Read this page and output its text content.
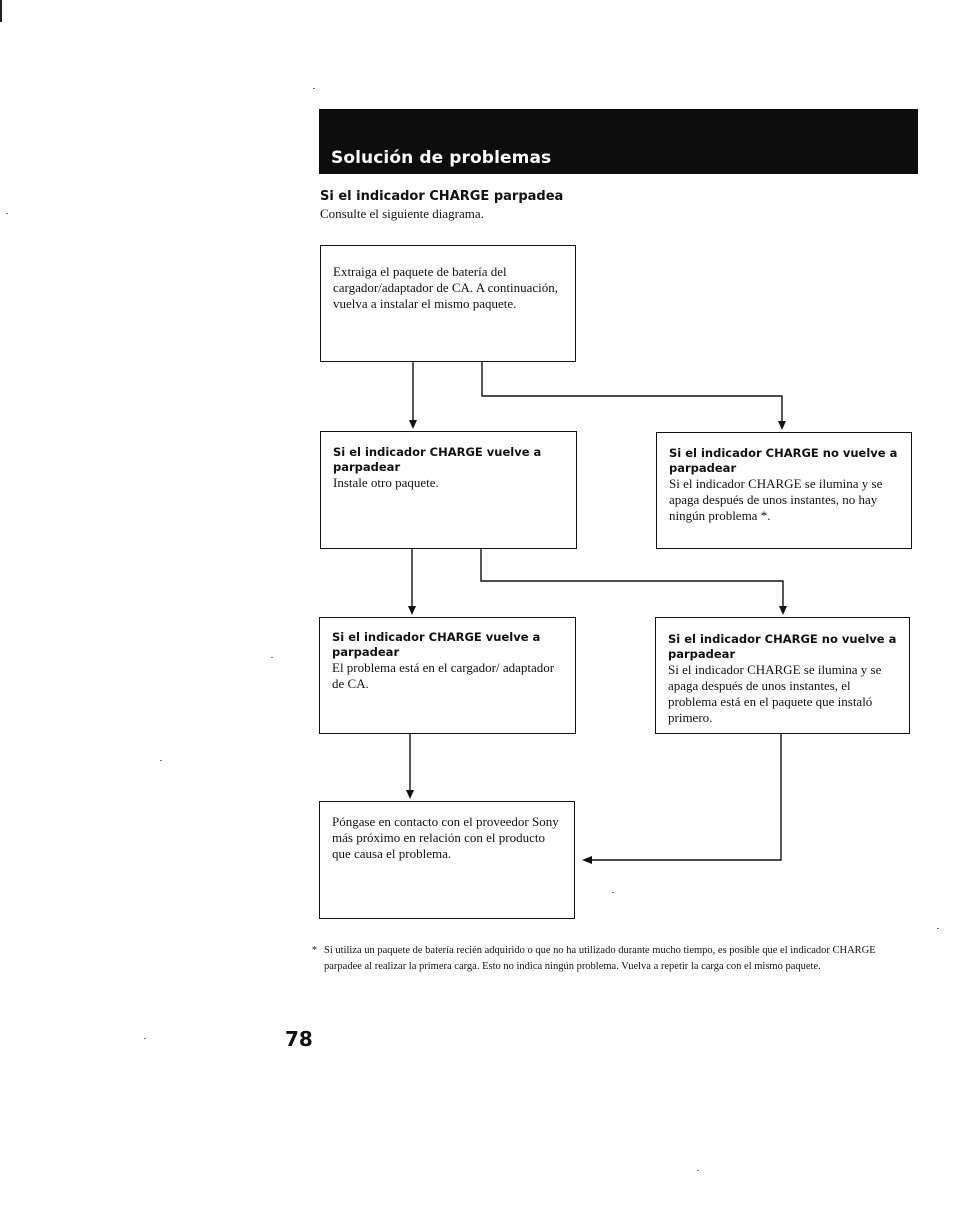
Solución de problemas
Si el indicador CHARGE parpadea
Consulte el siguiente diagrama.
Extraiga el paquete de batería del cargador/adaptador de CA. A continuación, vuelva a instalar el mismo paquete.
Si el indicador CHARGE vuelve a parpadear
Instale otro paquete.
Si el indicador CHARGE no vuelve a parpadear
Si el indicador CHARGE se ilumina y se apaga después de unos instantes, no hay ningún problema *.
Si el indicador CHARGE vuelve a parpadear
El problema está en el cargador/ adaptador de CA.
Si el indicador CHARGE no vuelve a parpadear
Si el indicador CHARGE se ilumina y se apaga después de unos instantes, el problema está en el paquete que instaló primero.
Póngase en contacto con el proveedor Sony más próximo en relación con el producto que causa el problema.
* Si utiliza un paquete de batería recién adquirido o que no ha utilizado durante mucho tiempo, es posible que el indicador CHARGE parpadee al realizar la primera carga. Esto no indica ningún problema. Vuelva a repetir la carga con el mismo paquete.
78
